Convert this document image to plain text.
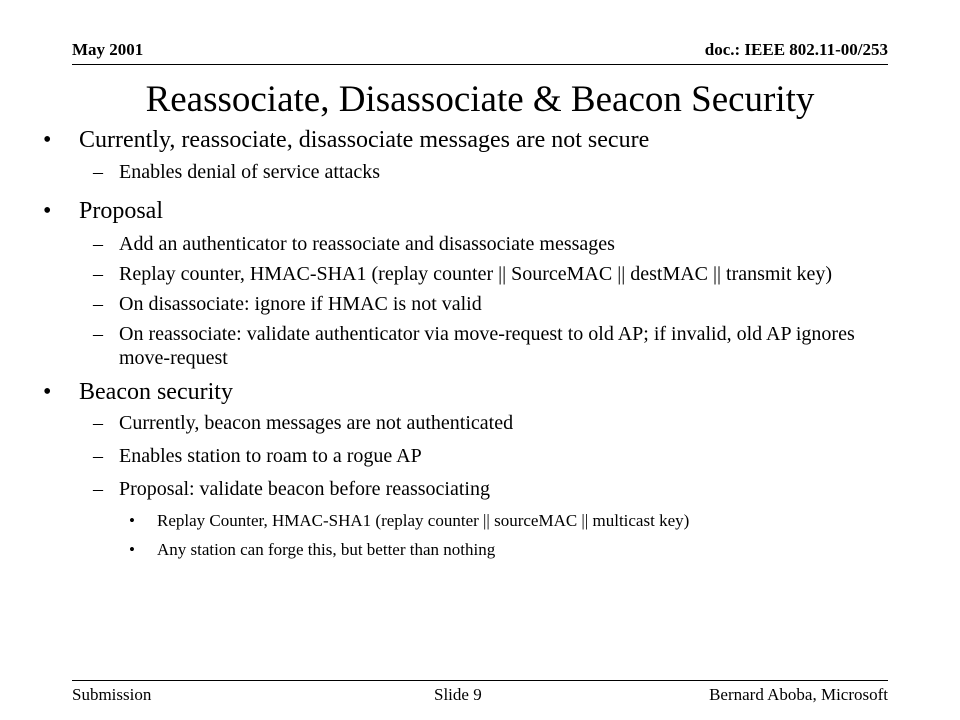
May 2001	doc.: IEEE 802.11-00/253
Reassociate, Disassociate & Beacon Security
• Currently, reassociate, disassociate messages are not secure
– Enables denial of service attacks
• Proposal
– Add an authenticator to reassociate and disassociate messages
– Replay counter, HMAC-SHA1 (replay counter || SourceMAC || destMAC || transmit key)
– On disassociate: ignore if HMAC is not valid
– On reassociate: validate authenticator via move-request to old AP; if invalid, old AP ignores move-request
• Beacon security
– Currently, beacon messages are not authenticated
– Enables station to roam to a rogue AP
– Proposal: validate beacon before reassociating
• Replay Counter, HMAC-SHA1 (replay counter || sourceMAC || multicast key)
• Any station can forge this, but better than nothing
Submission	Slide 9	Bernard Aboba, Microsoft
